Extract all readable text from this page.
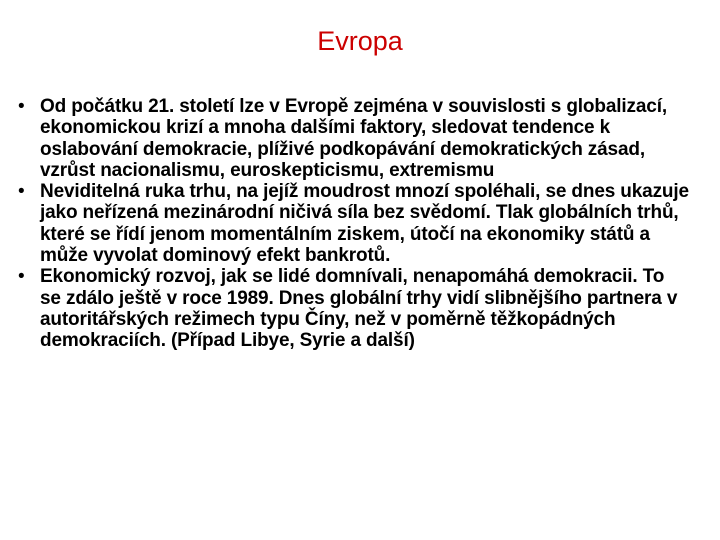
Evropa
• Od počátku 21. století lze v Evropě zejména v souvislosti s globalizací, ekonomickou krizí a mnoha dalšími faktory, sledovat tendence k oslabování demokracie, plíživé podkopávání demokratických zásad, vzrůst nacionalismu, euroskepticismu, extremismu
• Neviditelná ruka trhu, na jejíž moudrost mnozí spoléhali, se dnes ukazuje jako neřízená mezinárodní ničivá síla bez svědomí. Tlak globálních trhů, které se řídí jenom momentálním ziskem, útočí na ekonomiky států a může vyvolat dominový efekt bankrotů.
• Ekonomický rozvoj, jak se lidé domnívali, nenapomáhá demokracii. To se zdálo ještě v roce 1989. Dnes globální trhy vidí slibnějšího partnera v autoritářských režimech typu Číny, než v poměrně těžkopádných demokraciích. (Případ Libye, Syrie a další)
